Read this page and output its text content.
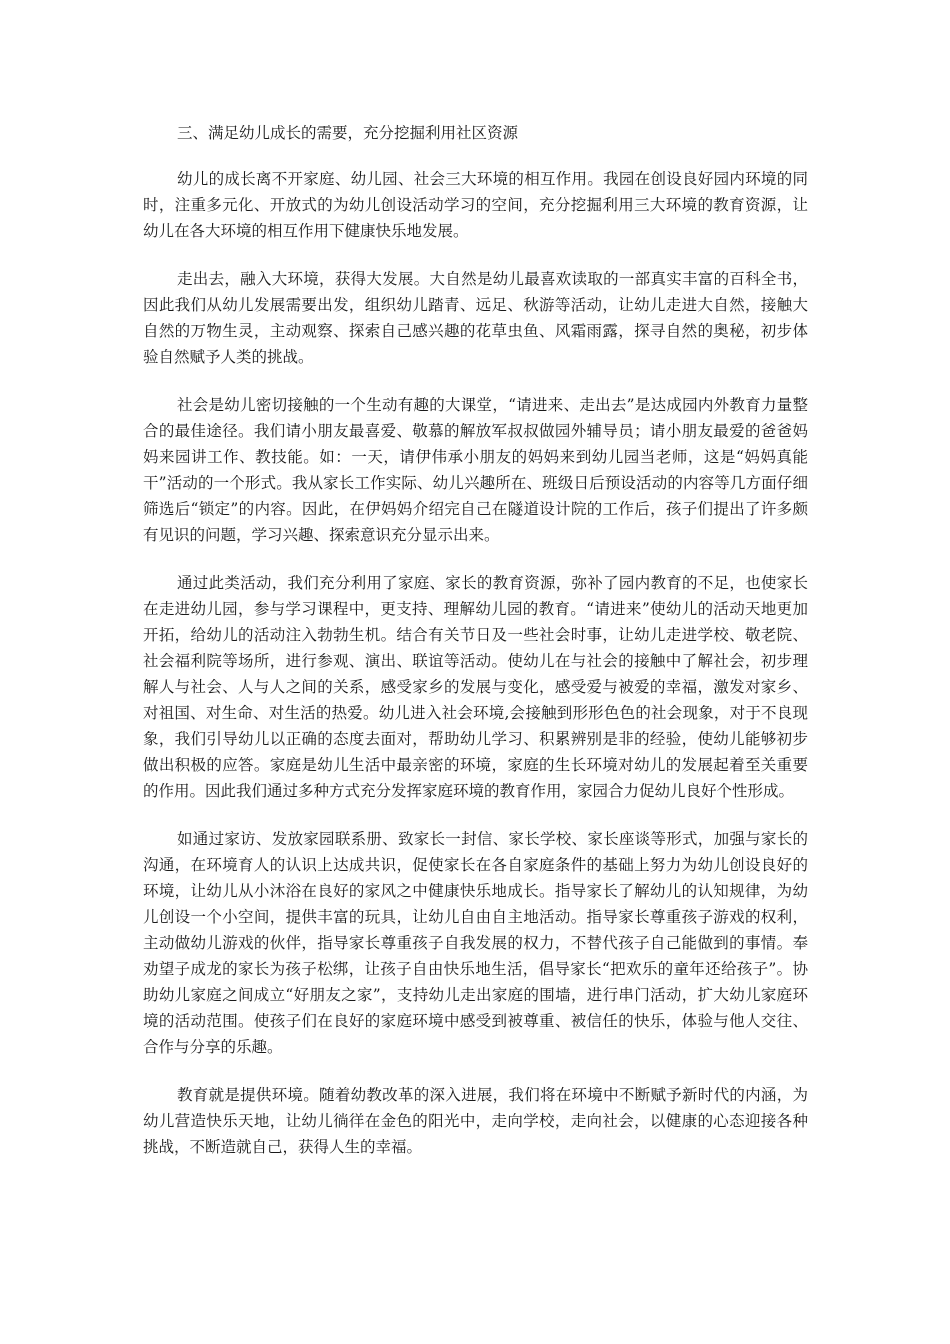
三、满足幼儿成长的需要，充分挖掘利用社区资源

幼儿的成长离不开家庭、幼儿园、社会三大环境的相互作用。我园在创设良好园内环境的同时，注重多元化、开放式的为幼儿创设活动学习的空间，充分挖掘利用三大环境的教育资源，让幼儿在各大环境的相互作用下健康快乐地发展。

走出去，融入大环境，获得大发展。大自然是幼儿最喜欢读取的一部真实丰富的百科全书，因此我们从幼儿发展需要出发，组织幼儿踏青、远足、秋游等活动，让幼儿走进大自然，接触大自然的万物生灵，主动观察、探索自己感兴趣的花草虫鱼、风霜雨露，探寻自然的奥秘，初步体验自然赋予人类的挑战。

社会是幼儿密切接触的一个生动有趣的大课堂，“请进来、走出去”是达成园内外教育力量整合的最佳途径。我们请小朋友最喜爱、敬慕的解放军叔叔做园外辅导员；请小朋友最爱的爸爸妈妈来园讲工作、教技能。如：一天，请伊伟承小朋友的妈妈来到幼儿园当老师，这是“妈妈真能干”活动的一个形式。我从家长工作实际、幼儿兴趣所在、班级日后预设活动的内容等几方面仔细筛选后“锁定”的内容。因此，在伊妈妈介绍完自己在隧道设计院的工作后，孩子们提出了许多颇有见识的问题，学习兴趣、探索意识充分显示出来。

通过此类活动，我们充分利用了家庭、家长的教育资源，弥补了园内教育的不足，也使家长在走进幼儿园，参与学习课程中，更支持、理解幼儿园的教育。“请进来”使幼儿的活动天地更加开拓，给幼儿的活动注入勃勃生机。结合有关节日及一些社会时事，让幼儿走进学校、敬老院、社会福利院等场所，进行参观、演出、联谊等活动。使幼儿在与社会的接触中了解社会，初步理解人与社会、人与人之间的关系，感受家乡的发展与变化，感受爱与被爱的幸福，激发对家乡、对祖国、对生命、对生活的热爱。幼儿进入社会环境,会接触到形形色色的社会现象，对于不良现象，我们引导幼儿以正确的态度去面对，帮助幼儿学习、积累辨别是非的经验，使幼儿能够初步做出积极的应答。家庭是幼儿生活中最亲密的环境，家庭的生长环境对幼儿的发展起着至关重要的作用。因此我们通过多种方式充分发挥家庭环境的教育作用，家园合力促幼儿良好个性形成。

如通过家访、发放家园联系册、致家长一封信、家长学校、家长座谈等形式，加强与家长的沟通，在环境育人的认识上达成共识，促使家长在各自家庭条件的基础上努力为幼儿创设良好的环境，让幼儿从小沐浴在良好的家风之中健康快乐地成长。指导家长了解幼儿的认知规律，为幼儿创设一个小空间，提供丰富的玩具，让幼儿自由自主地活动。指导家长尊重孩子游戏的权利，主动做幼儿游戏的伙伴，指导家长尊重孩子自我发展的权力，不替代孩子自己能做到的事情。奉劝望子成龙的家长为孩子松绑，让孩子自由快乐地生活，倡导家长“把欢乐的童年还给孩子”。协助幼儿家庭之间成立“好朋友之家”，支持幼儿走出家庭的围墙，进行串门活动，扩大幼儿家庭环境的活动范围。使孩子们在良好的家庭环境中感受到被尊重、被信任的快乐，体验与他人交往、合作与分享的乐趣。

教育就是提供环境。随着幼教改革的深入进展，我们将在环境中不断赋予新时代的内涵，为幼儿营造快乐天地，让幼儿徜徉在金色的阳光中，走向学校，走向社会，以健康的心态迎接各种挑战，不断造就自己，获得人生的幸福。
